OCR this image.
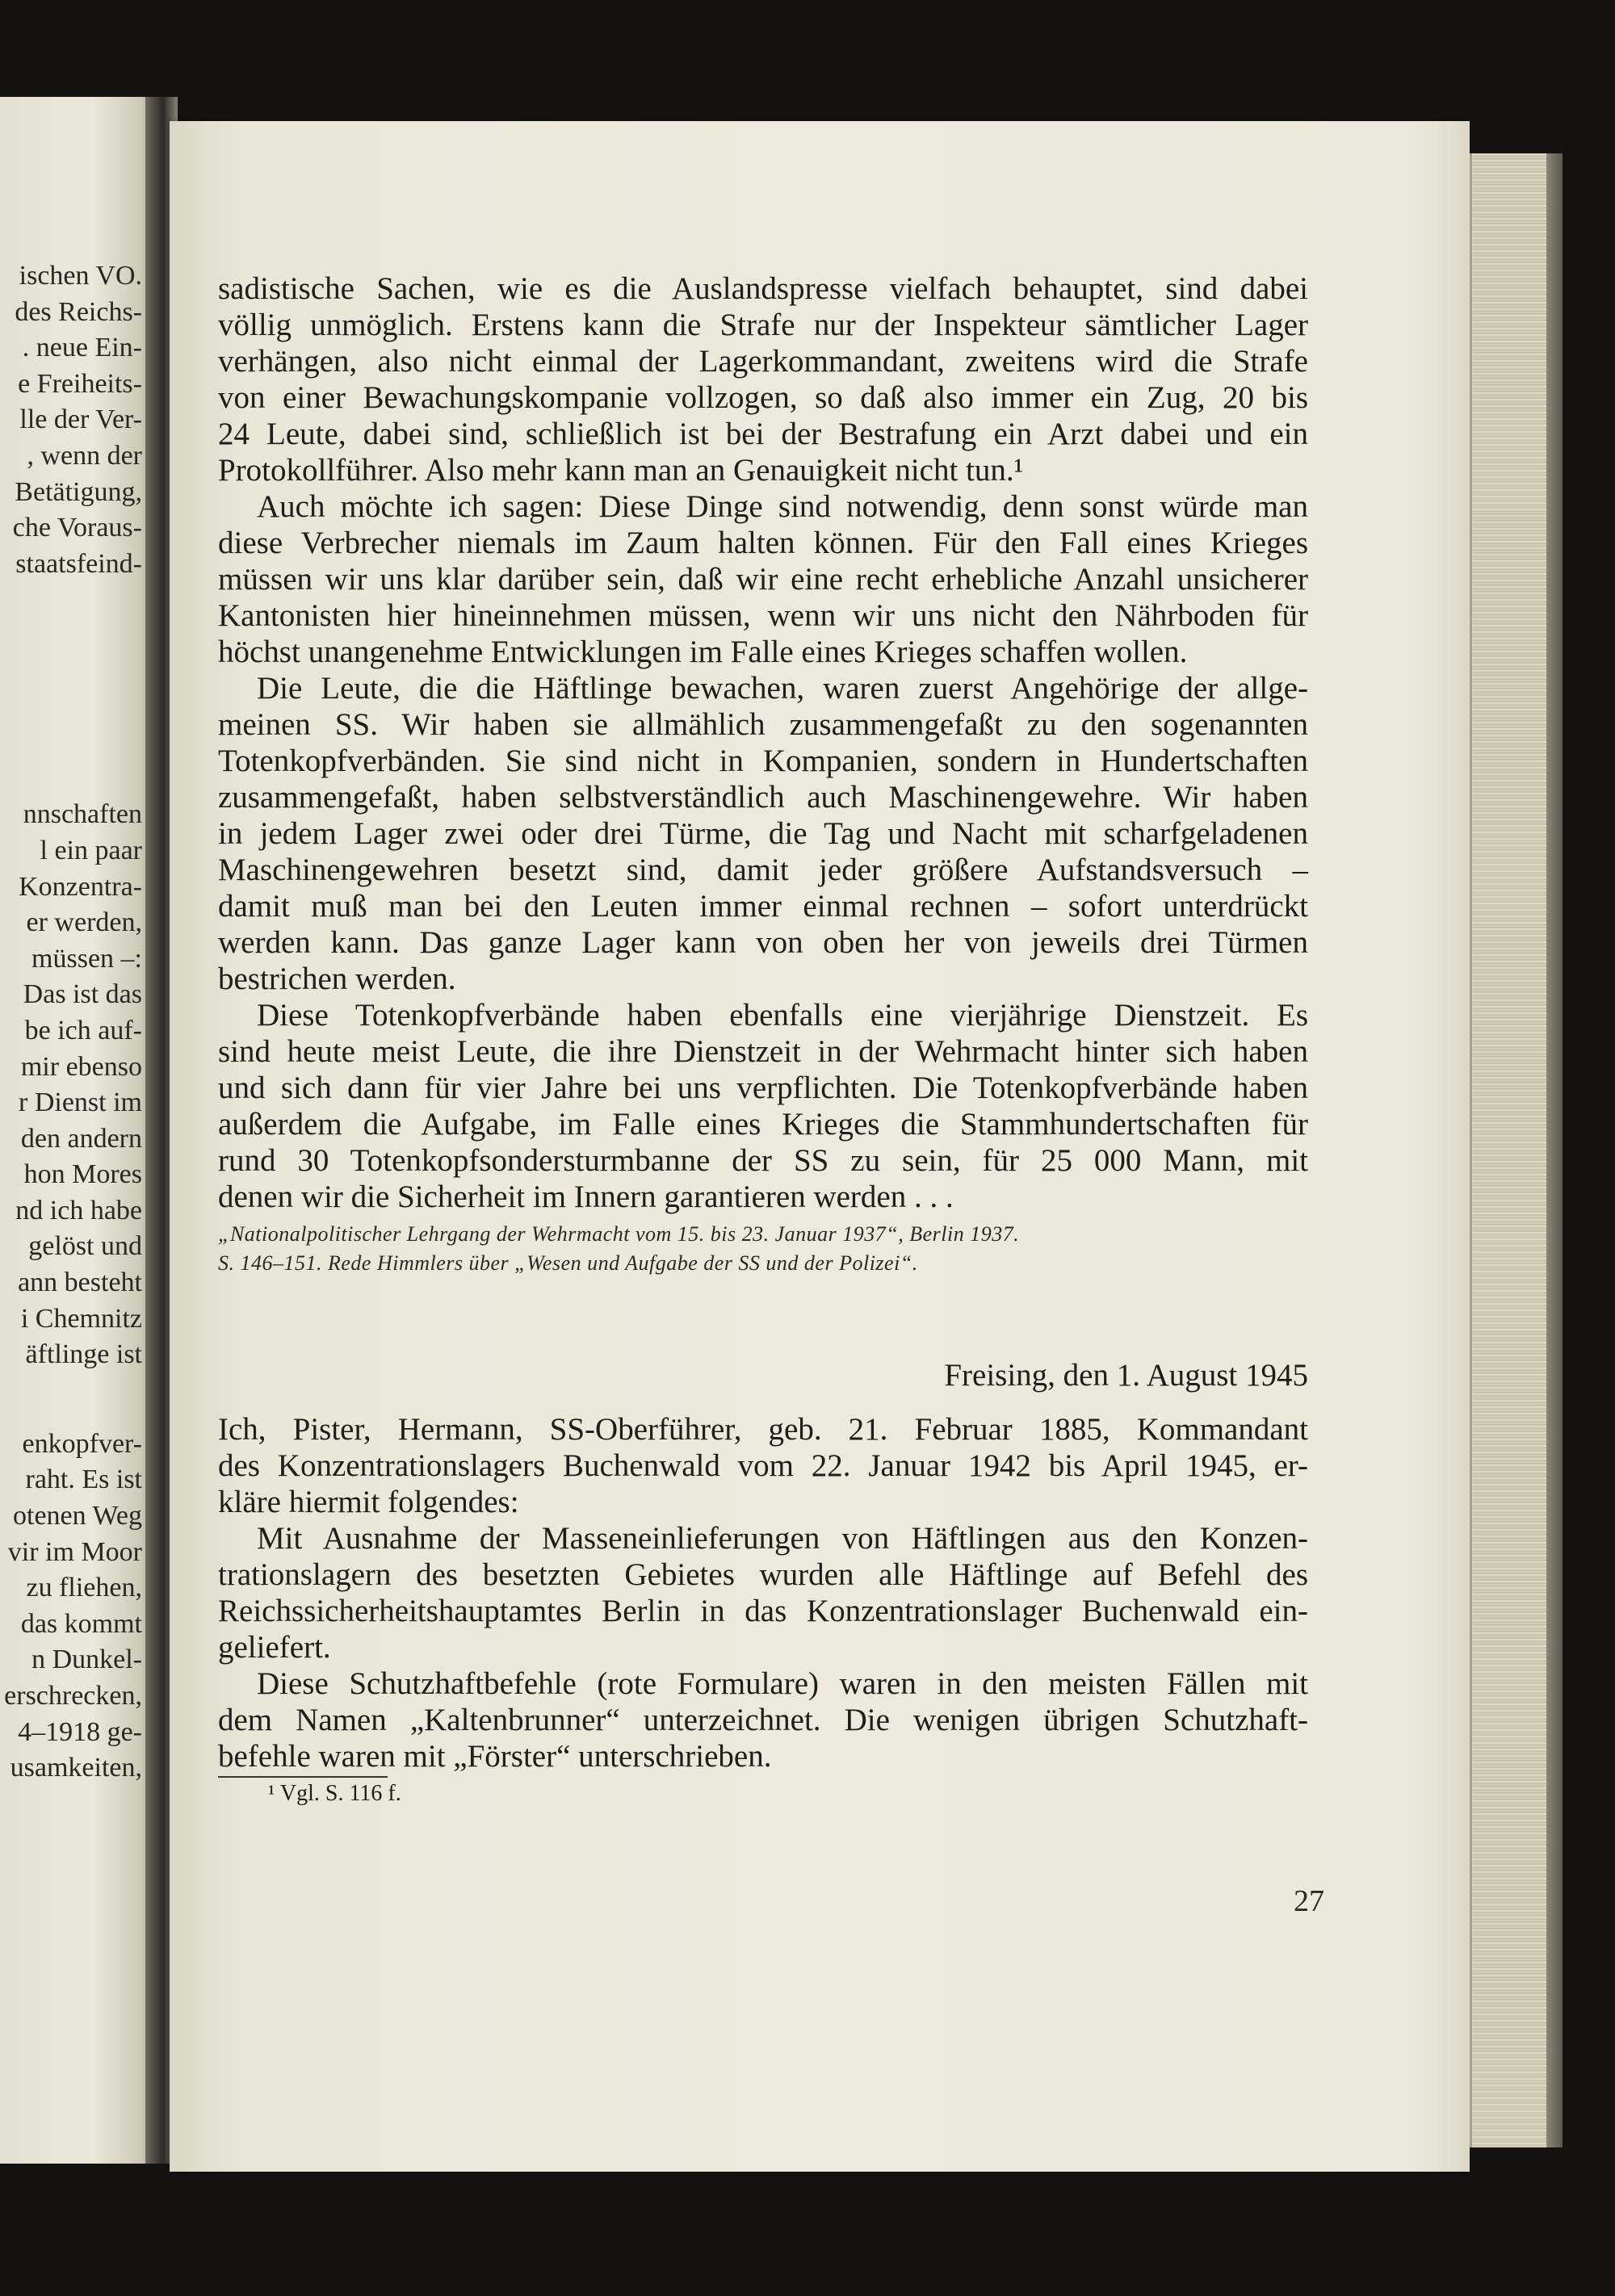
ischen VO.
des Reichs-
. neue Ein-
e Freiheits-
lle der Ver-
, wenn der
Betätigung,
che Voraus-
staatsfeind-
nnschaften
l ein paar
Konzentra-
er werden,
müssen –:
Das ist das
be ich auf-
mir ebenso
r Dienst im
den andern
hon Mores
nd ich habe
gelöst und
ann besteht
i Chemnitz
äftlinge ist
enkopfver-
raht. Es ist
otenen Weg
vir im Moor
zu fliehen,
das kommt
n Dunkel-
erschrecken,
4–1918 ge-
usamkeiten,
sadistische Sachen, wie es die Auslandspresse vielfach behauptet, sind dabei
völlig unmöglich. Erstens kann die Strafe nur der Inspekteur sämtlicher Lager
verhängen, also nicht einmal der Lagerkommandant, zweitens wird die Strafe
von einer Bewachungskompanie vollzogen, so daß also immer ein Zug, 20 bis
24 Leute, dabei sind, schließlich ist bei der Bestrafung ein Arzt dabei und ein
Protokollführer. Also mehr kann man an Genauigkeit nicht tun.¹
Auch möchte ich sagen: Diese Dinge sind notwendig, denn sonst würde man
diese Verbrecher niemals im Zaum halten können. Für den Fall eines Krieges
müssen wir uns klar darüber sein, daß wir eine recht erhebliche Anzahl unsicherer
Kantonisten hier hineinnehmen müssen, wenn wir uns nicht den Nährboden für
höchst unangenehme Entwicklungen im Falle eines Krieges schaffen wollen.
Die Leute, die die Häftlinge bewachen, waren zuerst Angehörige der allge-
meinen SS. Wir haben sie allmählich zusammengefaßt zu den sogenannten
Totenkopfverbänden. Sie sind nicht in Kompanien, sondern in Hundertschaften
zusammengefaßt, haben selbstverständlich auch Maschinengewehre. Wir haben
in jedem Lager zwei oder drei Türme, die Tag und Nacht mit scharfgeladenen
Maschinengewehren besetzt sind, damit jeder größere Aufstandsversuch –
damit muß man bei den Leuten immer einmal rechnen – sofort unterdrückt
werden kann. Das ganze Lager kann von oben her von jeweils drei Türmen
bestrichen werden.
Diese Totenkopfverbände haben ebenfalls eine vierjährige Dienstzeit. Es
sind heute meist Leute, die ihre Dienstzeit in der Wehrmacht hinter sich haben
und sich dann für vier Jahre bei uns verpflichten. Die Totenkopfverbände haben
außerdem die Aufgabe, im Falle eines Krieges die Stammhundertschaften für
rund 30 Totenkopfsondersturmbanne der SS zu sein, für 25 000 Mann, mit
denen wir die Sicherheit im Innern garantieren werden . . .
„Nationalpolitischer Lehrgang der Wehrmacht vom 15. bis 23. Januar 1937“, Berlin 1937.
S. 146–151. Rede Himmlers über „Wesen und Aufgabe der SS und der Polizei“.
Freising, den 1. August 1945
Ich, Pister, Hermann, SS-Oberführer, geb. 21. Februar 1885, Kommandant
des Konzentrationslagers Buchenwald vom 22. Januar 1942 bis April 1945, er-
kläre hiermit folgendes:
Mit Ausnahme der Masseneinlieferungen von Häftlingen aus den Konzen-
trationslagern des besetzten Gebietes wurden alle Häftlinge auf Befehl des
Reichssicherheitshauptamtes Berlin in das Konzentrationslager Buchenwald ein-
geliefert.
Diese Schutzhaftbefehle (rote Formulare) waren in den meisten Fällen mit
dem Namen „Kaltenbrunner“ unterzeichnet. Die wenigen übrigen Schutzhaft-
befehle waren mit „Förster“ unterschrieben.
¹ Vgl. S. 116 f.
27
